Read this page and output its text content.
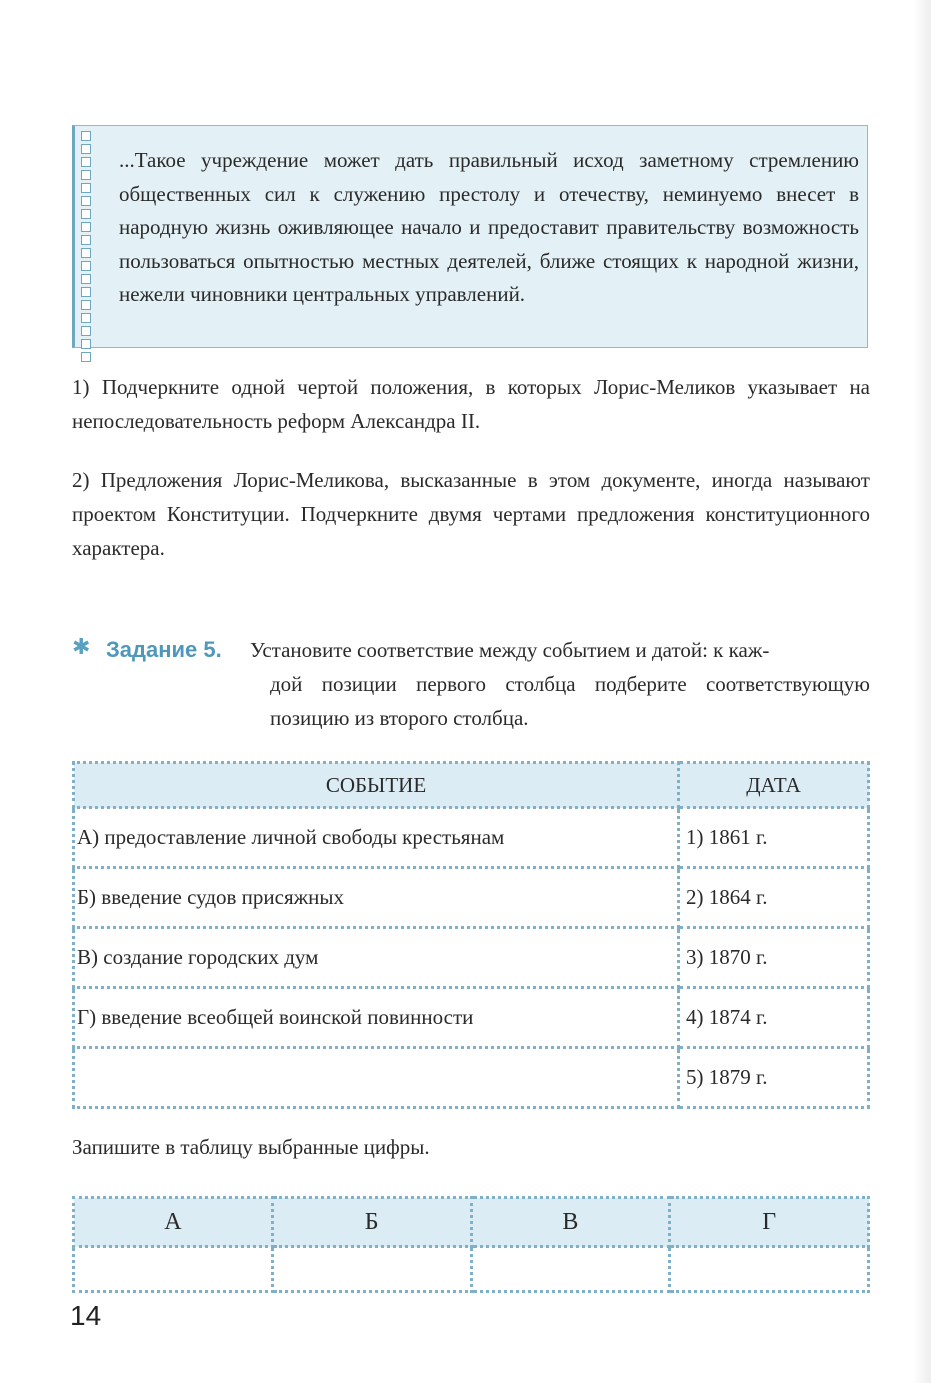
...Такое учреждение может дать правильный исход заметному стремлению общественных сил к служению престолу и отечеству, неминуемо внесет в народную жизнь оживляющее начало и предоставит правительству возможность пользоваться опытностью местных деятелей, ближе стоящих к народной жизни, нежели чиновники центральных управлений.

1) Подчеркните одной чертой положения, в которых Лорис-Меликов указывает на непоследовательность реформ Александра II.

2) Предложения Лорис-Меликова, высказанные в этом документе, иногда называют проектом Конституции. Подчеркните двумя чертами предложения конституционного характера.

✱ Задание 5. Установите соответствие между событием и датой: к каж-
дой позиции первого столбца подберите соответствующую позицию из второго столбца.
СОБЫТИЕ	ДАТА
А) предоставление личной свободы крестьянам	1) 1861 г.
Б) введение судов присяжных	2) 1864 г.
В) создание городских дум	3) 1870 г.
Г) введение всеобщей воинской повинности	4) 1874 г.
	5) 1879 г.

Запишите в таблицу выбранные цифры.

А	Б	В	Г

14
